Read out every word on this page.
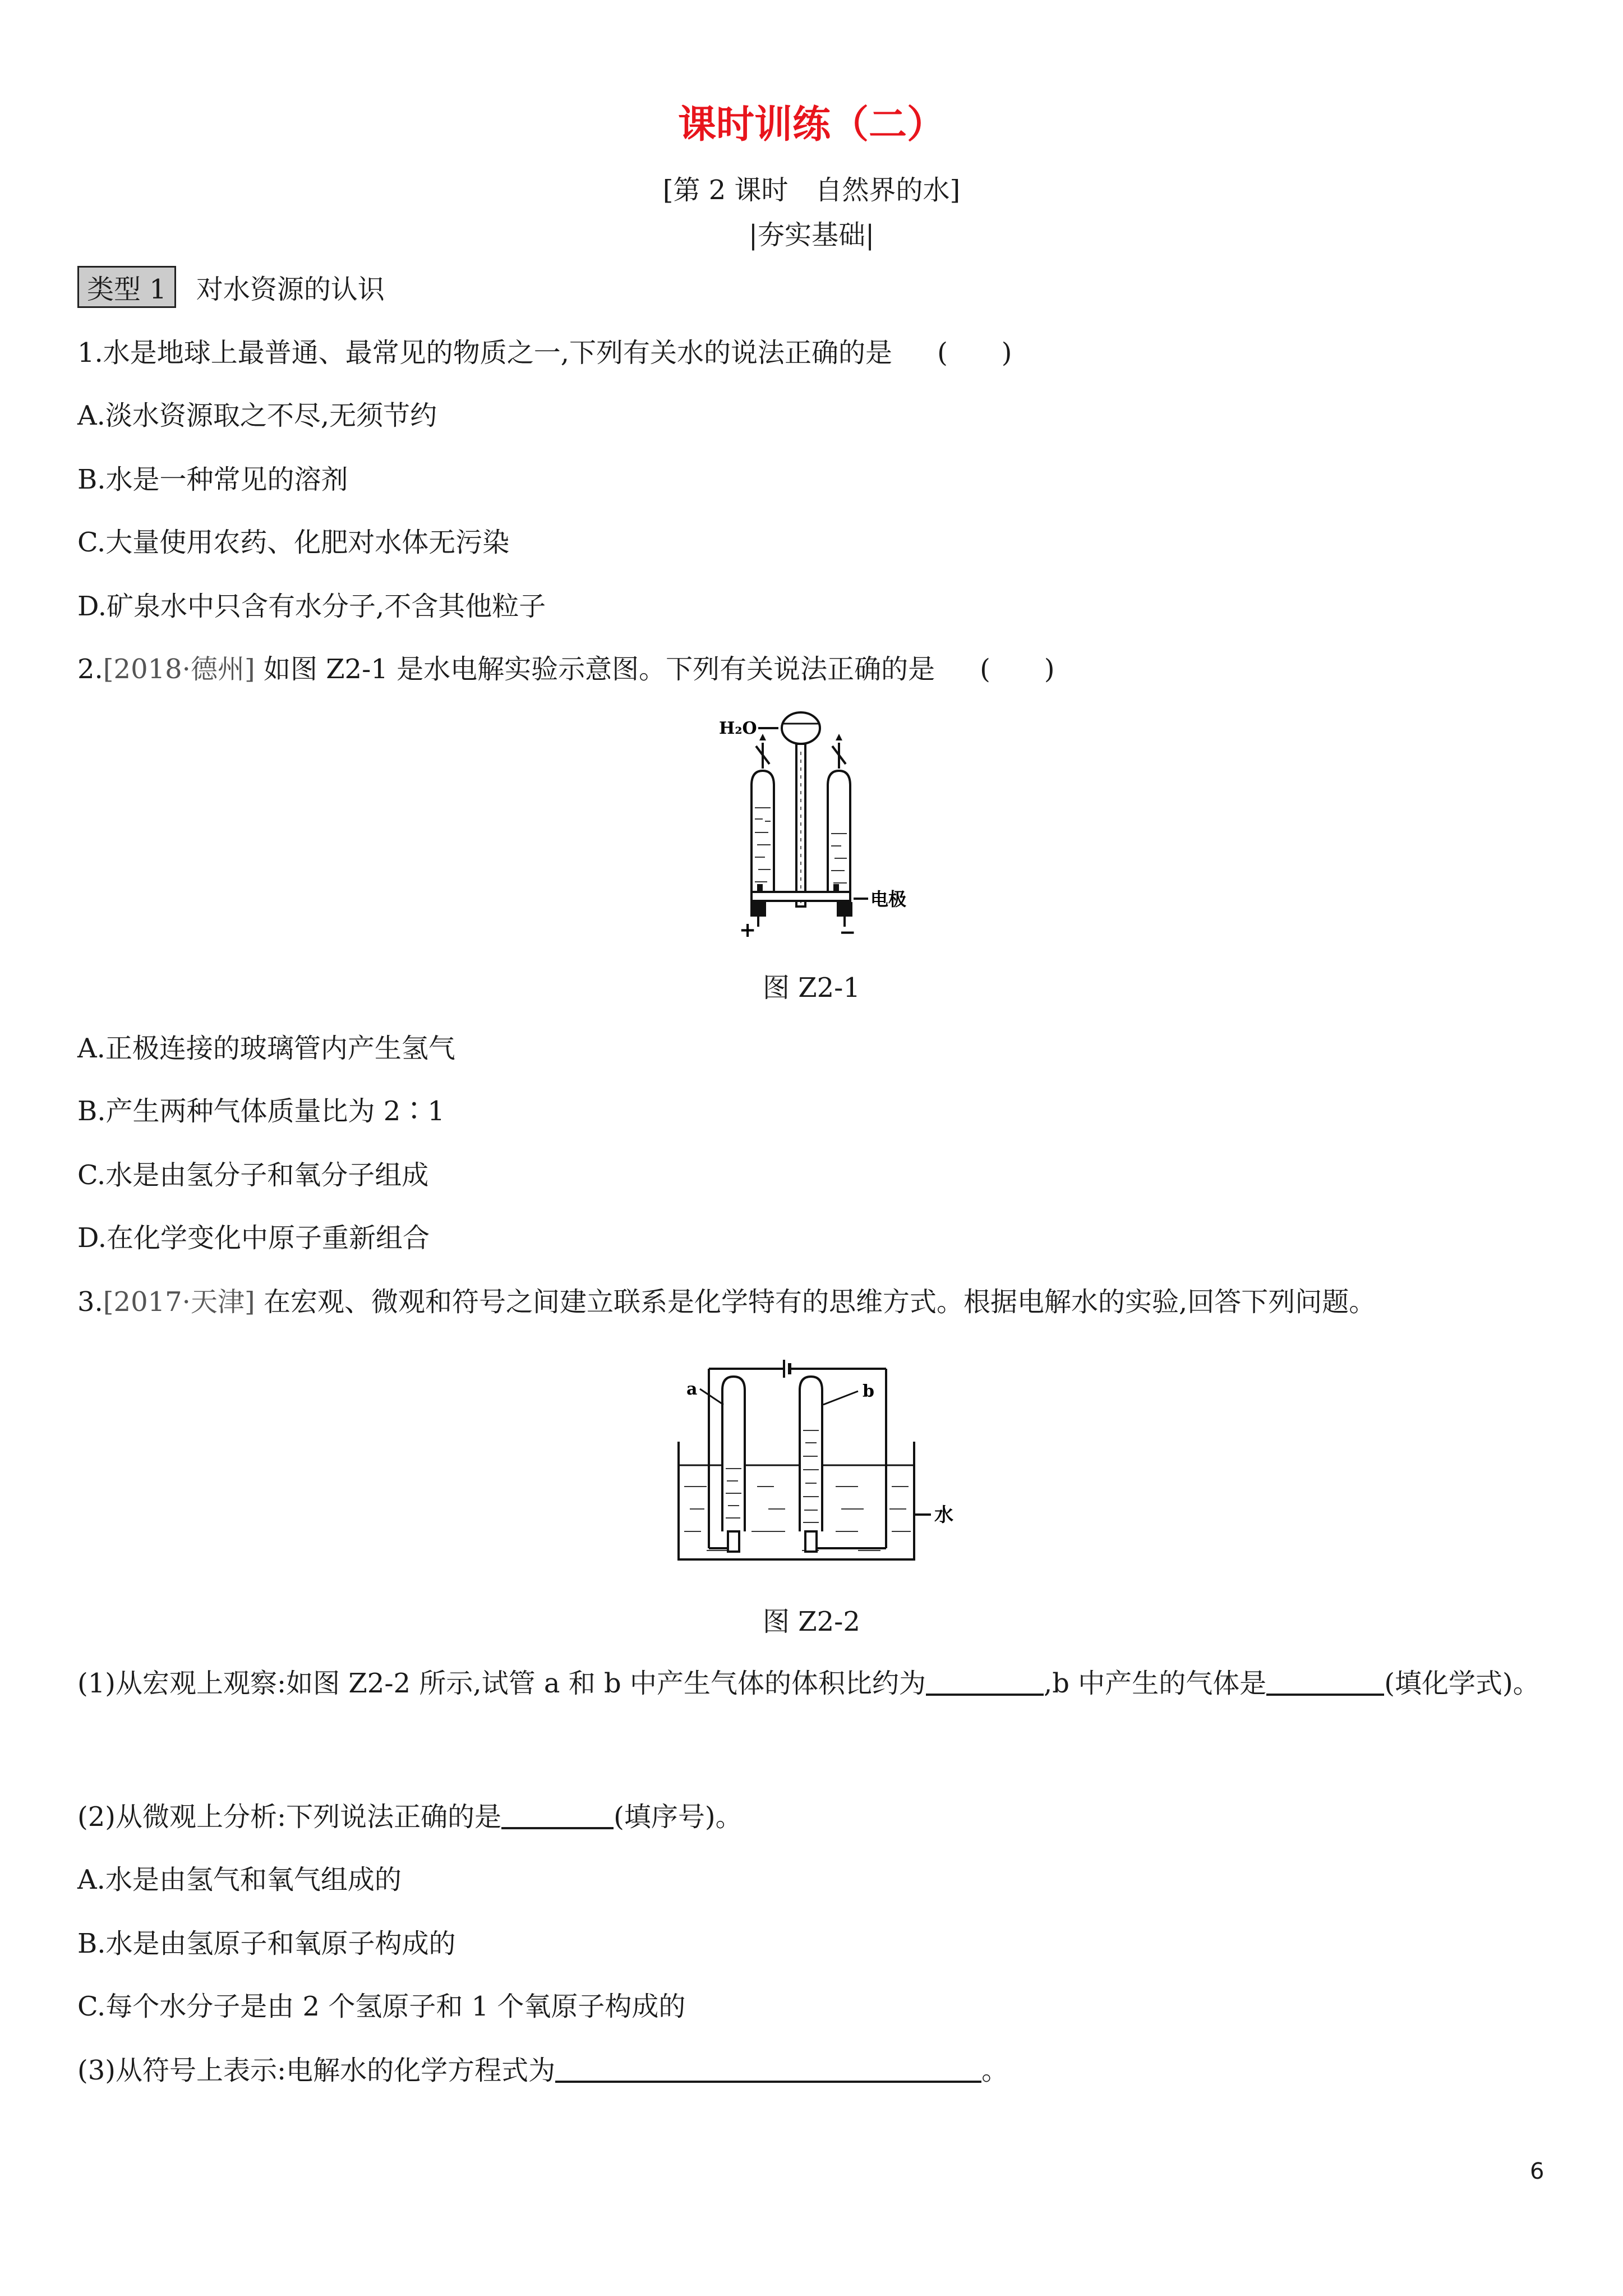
课时训练（二）
[第 2 课时　自然界的水]
|夯实基础|
类型 1 对水资源的认识
1.水是地球上最普通、最常见的物质之一,下列有关水的说法正确的是 (　　)
A.淡水资源取之不尽,无须节约
B.水是一种常见的溶剂
C.大量使用农药、化肥对水体无污染
D.矿泉水中只含有水分子,不含其他粒子
2.[2018·德州] 如图 Z2-1 是水电解实验示意图。下列有关说法正确的是 (　　)
H₂O
电极
+	−
图 Z2-1
A.正极连接的玻璃管内产生氢气
B.产生两种气体质量比为 2∶1
C.水是由氢分子和氧分子组成
D.在化学变化中原子重新组合
3.[2017·天津] 在宏观、微观和符号之间建立联系是化学特有的思维方式。根据电解水的实验,回答下列问题。
a	b
水
图 Z2-2
(1)从宏观上观察:如图 Z2-2 所示,试管 a 和 b 中产生气体的体积比约为	,b 中产生的气体是	(填化学式)。
(2)从微观上分析:下列说法正确的是	(填序号)。
A.水是由氢气和氧气组成的
B.水是由氢原子和氧原子构成的
C.每个水分子是由 2 个氢原子和 1 个氧原子构成的
(3)从符号上表示:电解水的化学方程式为	。
6
